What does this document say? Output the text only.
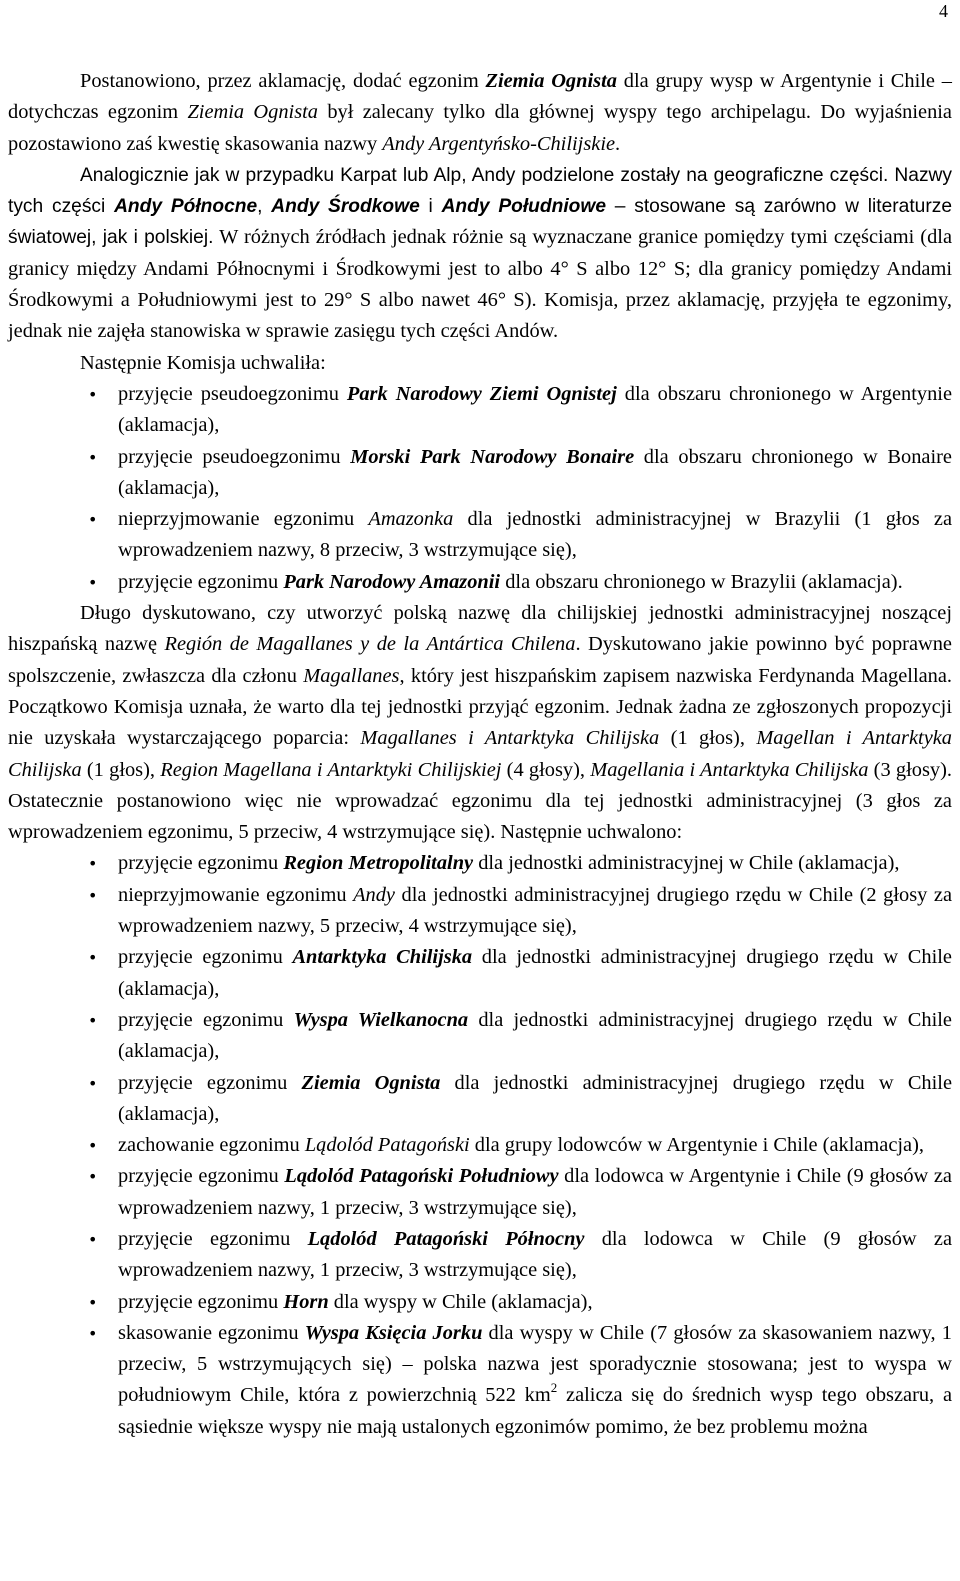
4

Postanowiono, przez aklamację, dodać egzonim Ziemia Ognista dla grupy wysp w Argentynie i Chile – dotychczas egzonim Ziemia Ognista był zalecany tylko dla głównej wyspy tego archipelagu. Do wyjaśnienia pozostawiono zaś kwestię skasowania nazwy Andy Argentyńsko-Chilijskie.

Analogicznie jak w przypadku Karpat lub Alp, Andy podzielone zostały na geograficzne części. Nazwy tych części Andy Północne, Andy Środkowe i Andy Południowe – stosowane są zarówno w literaturze światowej, jak i polskiej. W różnych źródłach jednak różnie są wyznaczane granice pomiędzy tymi częściami (dla granicy między Andami Północnymi i Środkowymi jest to albo 4° S albo 12° S; dla granicy pomiędzy Andami Środkowymi a Południowymi jest to 29° S albo nawet 46° S). Komisja, przez aklamację, przyjęła te egzonimy, jednak nie zajęła stanowiska w sprawie zasięgu tych części Andów.

Następnie Komisja uchwaliła:

• przyjęcie pseudoegzonimu Park Narodowy Ziemi Ognistej dla obszaru chronionego w Argentynie (aklamacja),
• przyjęcie pseudoegzonimu Morski Park Narodowy Bonaire dla obszaru chronionego w Bonaire (aklamacja),
• nieprzyjmowanie egzonimu Amazonka dla jednostki administracyjnej w Brazylii (1 głos za wprowadzeniem nazwy, 8 przeciw, 3 wstrzymujące się),
• przyjęcie egzonimu Park Narodowy Amazonii dla obszaru chronionego w Brazylii (aklamacja).

Długo dyskutowano, czy utworzyć polską nazwę dla chilijskiej jednostki administracyjnej noszącej hiszpańską nazwę Región de Magallanes y de la Antártica Chilena. Dyskutowano jakie powinno być poprawne spolszczenie, zwłaszcza dla członu Magallanes, który jest hiszpańskim zapisem nazwiska Ferdynanda Magellana. Początkowo Komisja uznała, że warto dla tej jednostki przyjąć egzonim. Jednak żadna ze zgłoszonych propozycji nie uzyskała wystarczającego poparcia: Magallanes i Antarktyka Chilijska (1 głos), Magellan i Antarktyka Chilijska (1 głos), Region Magellana i Antarktyki Chilijskiej (4 głosy), Magellania i Antarktyka Chilijska (3 głosy). Ostatecznie postanowiono więc nie wprowadzać egzonimu dla tej jednostki administracyjnej (3 głos za wprowadzeniem egzonimu, 5 przeciw, 4 wstrzymujące się). Następnie uchwalono:

• przyjęcie egzonimu Region Metropolitalny dla jednostki administracyjnej w Chile (aklamacja),
• nieprzyjmowanie egzonimu Andy dla jednostki administracyjnej drugiego rzędu w Chile (2 głosy za wprowadzeniem nazwy, 5 przeciw, 4 wstrzymujące się),
• przyjęcie egzonimu Antarktyka Chilijska dla jednostki administracyjnej drugiego rzędu w Chile (aklamacja),
• przyjęcie egzonimu Wyspa Wielkanocna dla jednostki administracyjnej drugiego rzędu w Chile (aklamacja),
• przyjęcie egzonimu Ziemia Ognista dla jednostki administracyjnej drugiego rzędu w Chile (aklamacja),
• zachowanie egzonimu Lądolód Patagoński dla grupy lodowców w Argentynie i Chile (aklamacja),
• przyjęcie egzonimu Lądolód Patagoński Południowy dla lodowca w Argentynie i Chile (9 głosów za wprowadzeniem nazwy, 1 przeciw, 3 wstrzymujące się),
• przyjęcie egzonimu Lądolód Patagoński Północny dla lodowca w Chile (9 głosów za wprowadzeniem nazwy, 1 przeciw, 3 wstrzymujące się),
• przyjęcie egzonimu Horn dla wyspy w Chile (aklamacja),
• skasowanie egzonimu Wyspa Księcia Jorku dla wyspy w Chile (7 głosów za skasowaniem nazwy, 1 przeciw, 5 wstrzymujących się) – polska nazwa jest sporadycznie stosowana; jest to wyspa w południowym Chile, która z powierzchnią 522 $km^2$ zalicza się do średnich wysp tego obszaru, a sąsiednie większe wyspy nie mają ustalonych egzonimów pomimo, że bez problemu można
